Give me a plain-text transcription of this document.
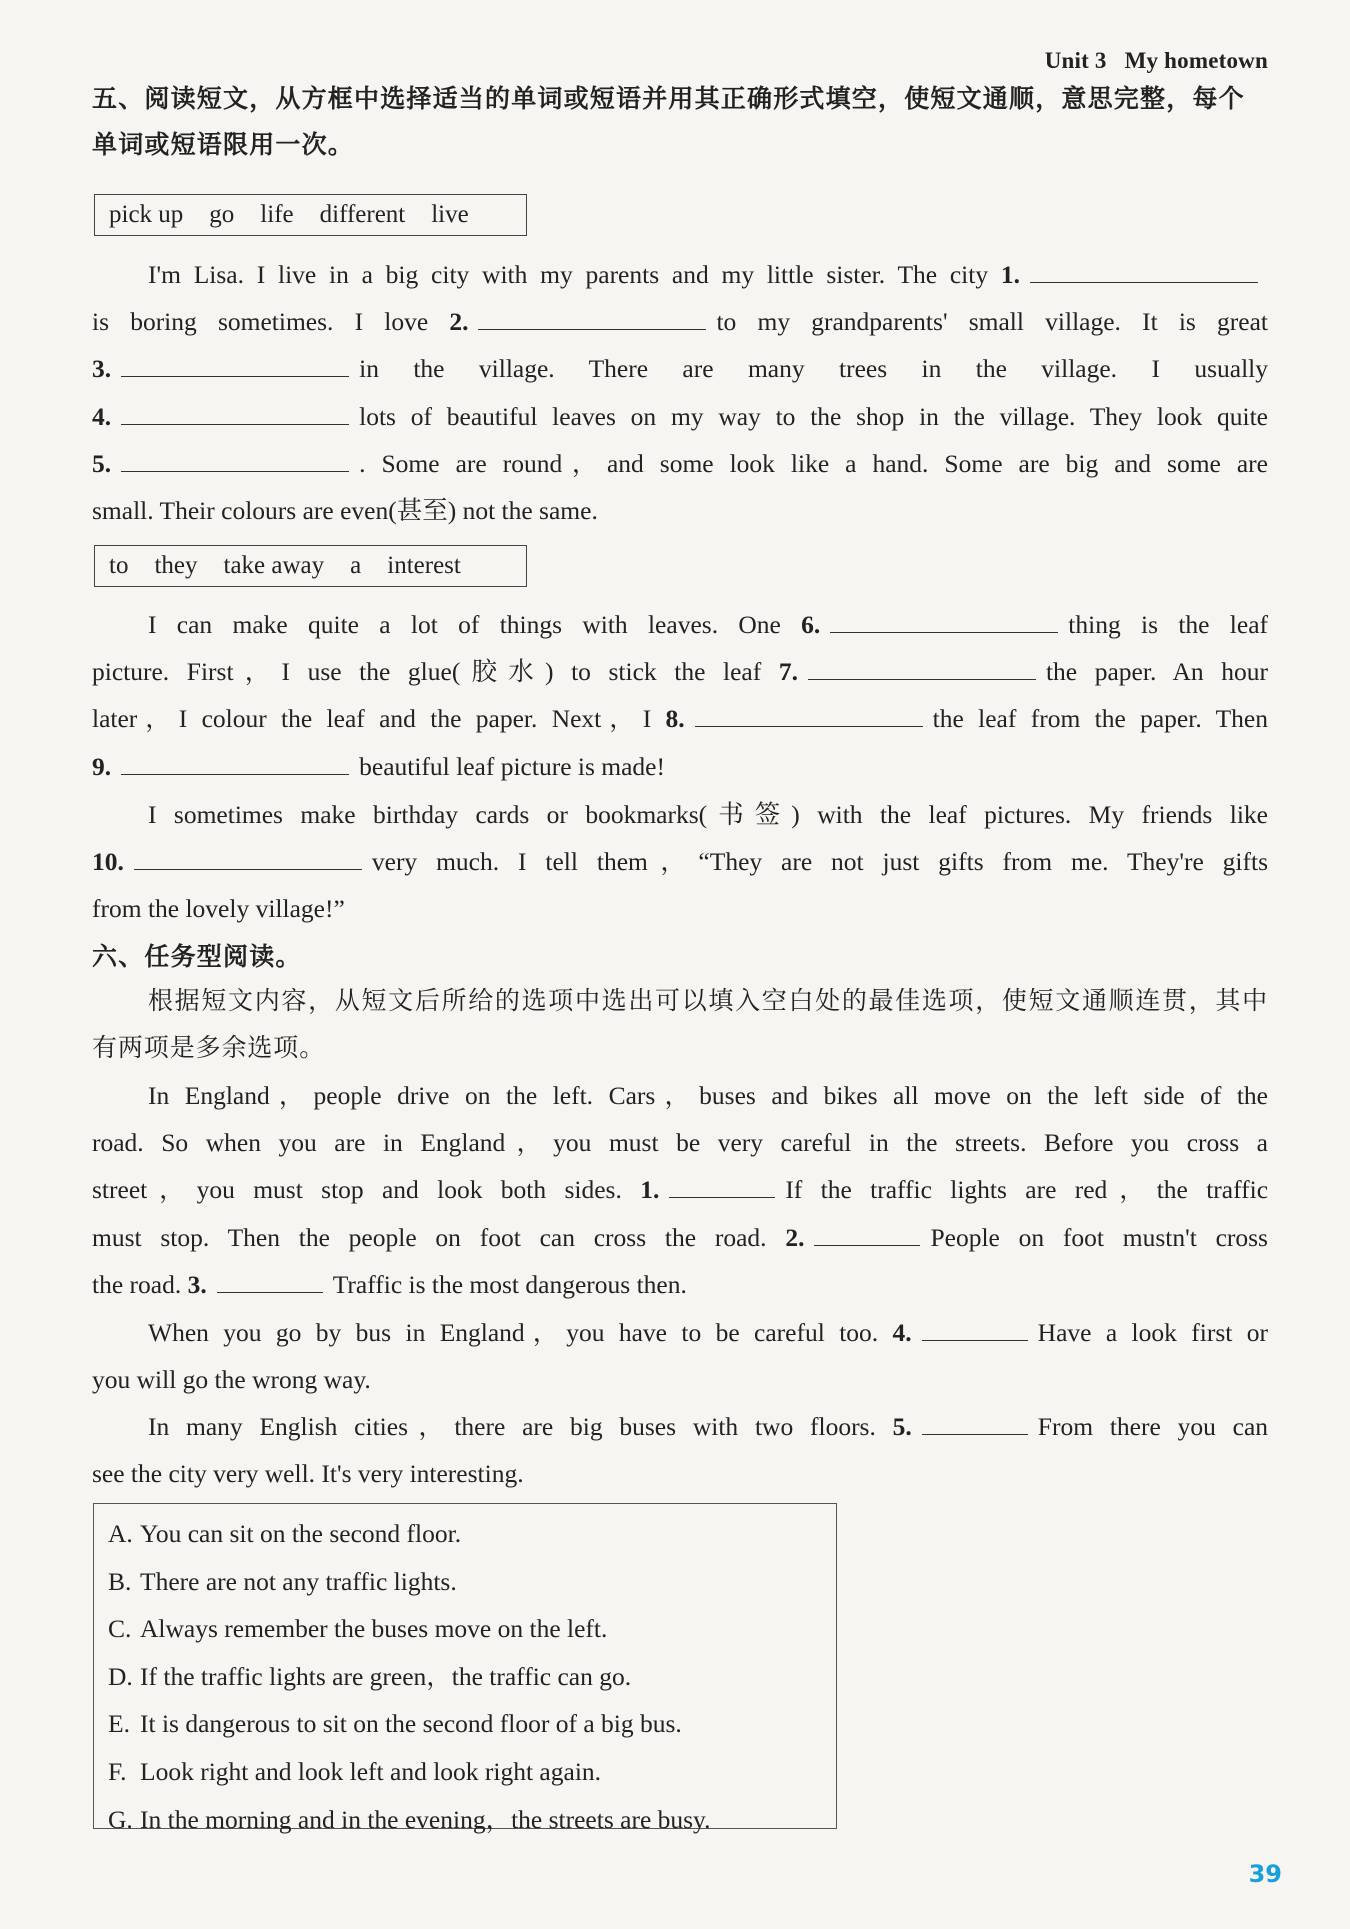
Unit 3 My hometown
五、阅读短文，从方框中选择适当的单词或短语并用其正确形式填空，使短文通顺，意思完整，每个
单词或短语限用一次。
pick up go life different live
I'm Lisa. I live in a big city with my parents and my little sister. The city 1.
is boring sometimes. I love 2.	to my grandparents' small village. It is great
3.	in the village. There are many trees in the village. I usually
4.	lots of beautiful leaves on my way to the shop in the village. They look quite
5.	. Some are round，and some look like a hand. Some are big and some are
small. Their colours are even(甚至) not the same.
to they take away a interest
I can make quite a lot of things with leaves. One 6.	thing is the leaf
picture. First，I use the glue(胶水) to stick the leaf 7.	the paper. An hour
later，I colour the leaf and the paper. Next，I 8.	the leaf from the paper. Then
9.	beautiful leaf picture is made!
I sometimes make birthday cards or bookmarks(书签) with the leaf pictures. My friends like
10.	very much. I tell them，“They are not just gifts from me. They're gifts
from the lovely village!”
六、任务型阅读。
根据短文内容，从短文后所给的选项中选出可以填入空白处的最佳选项，使短文通顺连贯，其中
有两项是多余选项。
In England，people drive on the left. Cars，buses and bikes all move on the left side of the
road. So when you are in England，you must be very careful in the streets. Before you cross a
street，you must stop and look both sides. 1.	If the traffic lights are red，the traffic
must stop. Then the people on foot can cross the road. 2.	People on foot mustn't cross
the road. 3.	Traffic is the most dangerous then.
When you go by bus in England，you have to be careful too. 4.	Have a look first or
you will go the wrong way.
In many English cities，there are big buses with two floors. 5.	From there you can
see the city very well. It's very interesting.
A. You can sit on the second floor.
B. There are not any traffic lights.
C. Always remember the buses move on the left.
D. If the traffic lights are green，the traffic can go.
E. It is dangerous to sit on the second floor of a big bus.
F. Look right and look left and look right again.
G. In the morning and in the evening，the streets are busy.
39
